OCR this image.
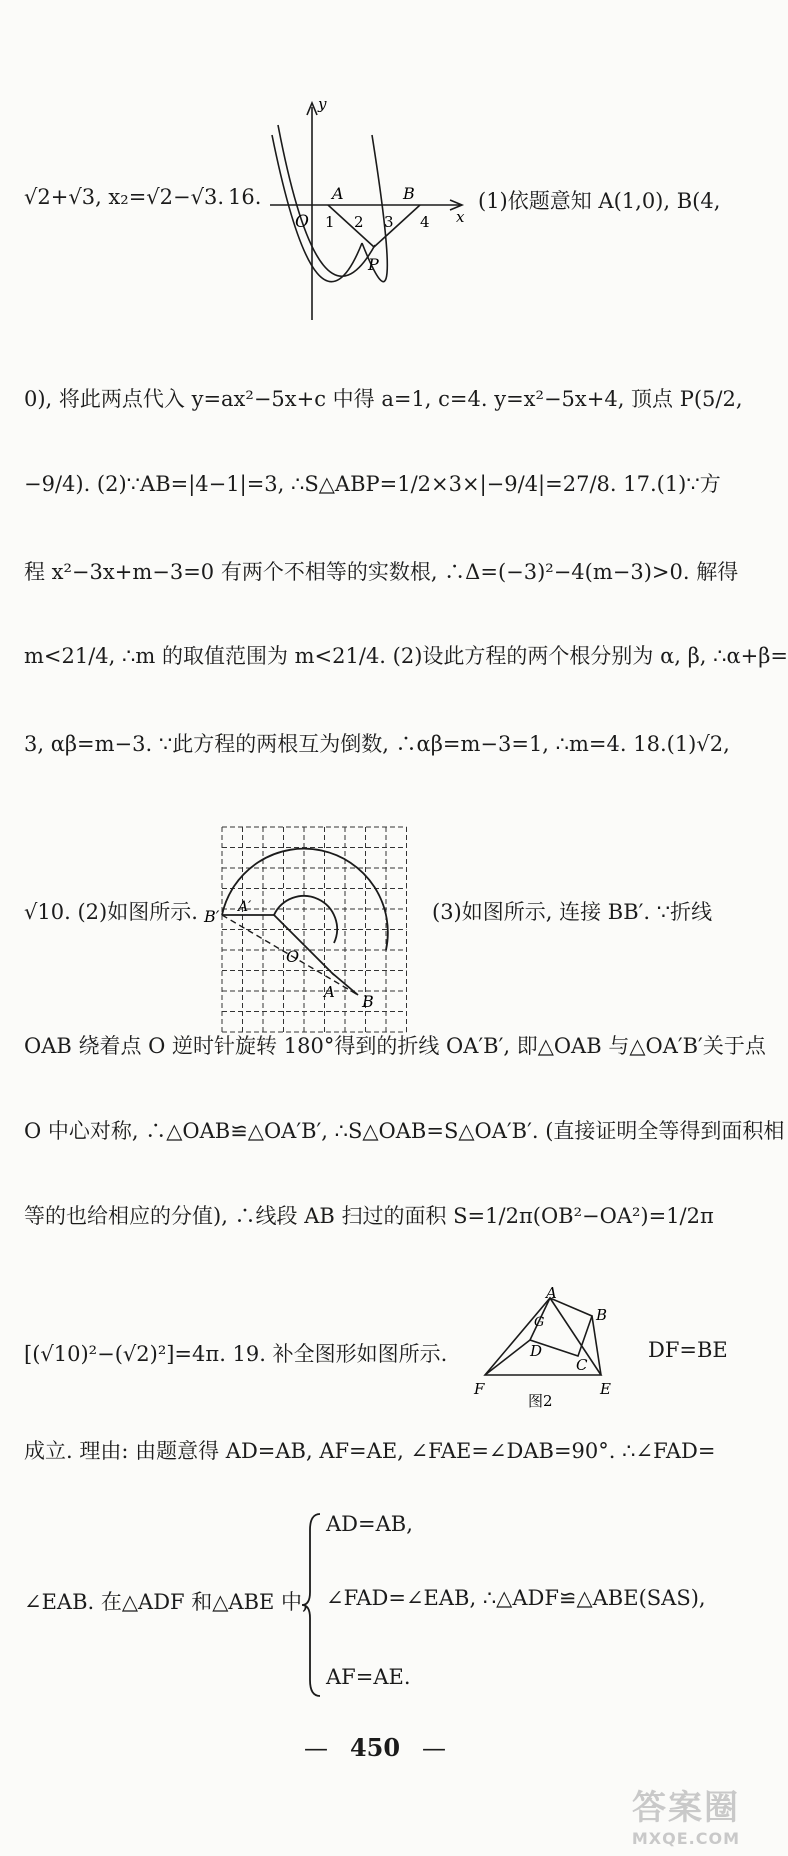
√2+√3, x₂=√2−√3. 16.	(1)依题意知 A(1,0), B(4,
0), 将此两点代入 y=ax²−5x+c 中得 a=1, c=4. y=x²−5x+4, 顶点 P(5/2,
−9/4). (2)∵AB=|4−1|=3, ∴S△ABP=1/2×3×|−9/4|=27/8. 17.(1)∵方
程 x²−3x+m−3=0 有两个不相等的实数根, ∴Δ=(−3)²−4(m−3)>0. 解得
m<21/4, ∴m 的取值范围为 m<21/4. (2)设此方程的两个根分别为 α, β, ∴α+β=
3, αβ=m−3. ∵此方程的两根互为倒数, ∴αβ=m−3=1, ∴m=4. 18.(1)√2,
√10. (2)如图所示.	(3)如图所示, 连接 BB′. ∵折线
OAB 绕着点 O 逆时针旋转 180°得到的折线 OA′B′, 即△OAB 与△OA′B′关于点
O 中心对称, ∴△OAB≌△OA′B′, ∴S△OAB=S△OA′B′. (直接证明全等得到面积相
等的也给相应的分值), ∴线段 AB 扫过的面积 S=1/2π(OB²−OA²)=1/2π
[(√10)²−(√2)²]=4π. 19. 补全图形如图所示.	DF=BE
成立. 理由: 由题意得 AD=AB, AF=AE, ∠FAE=∠DAB=90°. ∴∠FAD=
AD=AB,
∠EAB. 在△ADF 和△ABE 中, ∠FAD=∠EAB, ∴△ADF≌△ABE(SAS),
AF=AE.
y
x
O 1 2 3 4
A	B
P
B′ A′
O
A B
A
B
G
D
C
F	E
图2
— 450 —
答案圈
MXQE.COM
